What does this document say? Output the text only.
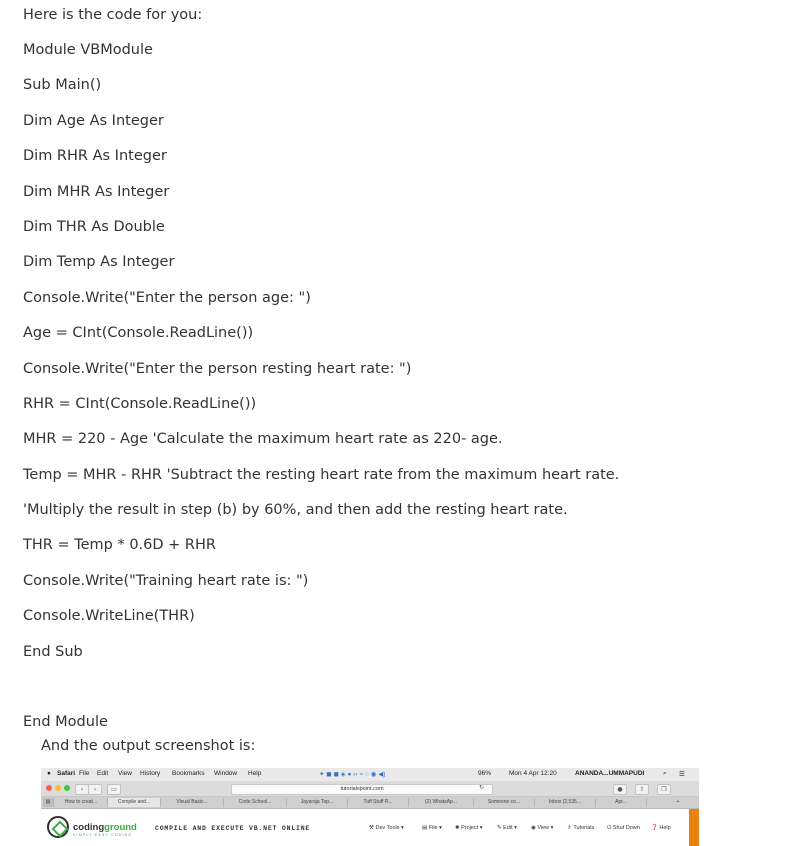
Here is the code for you:
Module VBModule
Sub Main()
Dim Age As Integer
Dim RHR As Integer
Dim MHR As Integer
Dim THR As Double
Dim Temp As Integer
Console.Write("Enter the person age: ")
Age = CInt(Console.ReadLine())
Console.Write("Enter the person resting heart rate: ")
RHR = CInt(Console.ReadLine())
MHR = 220 - Age 'Calculate the maximum heart rate as 220- age.
Temp = MHR - RHR 'Subtract the resting heart rate from the maximum heart rate.
'Multiply the result in step (b) by 60%, and then add the resting heart rate.
THR = Temp * 0.6D + RHR
Console.Write("Training heart rate is: ")
Console.WriteLine(THR)
End Sub
End Module
And the output screenshot is:
● Safari File Edit View History Bookmarks Window Help	✦ ◼ ◼ ◈ ● ‹› ⌁ ◌ ◉ ◀︎)	96%	Mon 4 Apr 12:20	ANANDA...UMMAPUDI	⌕ ☰
‹	›	▭	tutorialspoint.com	↻	●	⇧	❐
▤	How to creat...	Compile and...	Visual Basic...	Code School...	Jayaraja Top...	Tuff Stuff R...	(2) WhatsAp...	Someone co...	Inbox (2,535...	Apr...	+
codingground
SIMPLY EASY CODING
COMPILE AND EXECUTE VB.NET ONLINE	⚒ Dev Tools ▾	▤ File ▾ ✺ Project ▾	✎ Edit ▾	◉ View ▾ ♗ Tutorials ⏻ Shut Down ❓ Help
